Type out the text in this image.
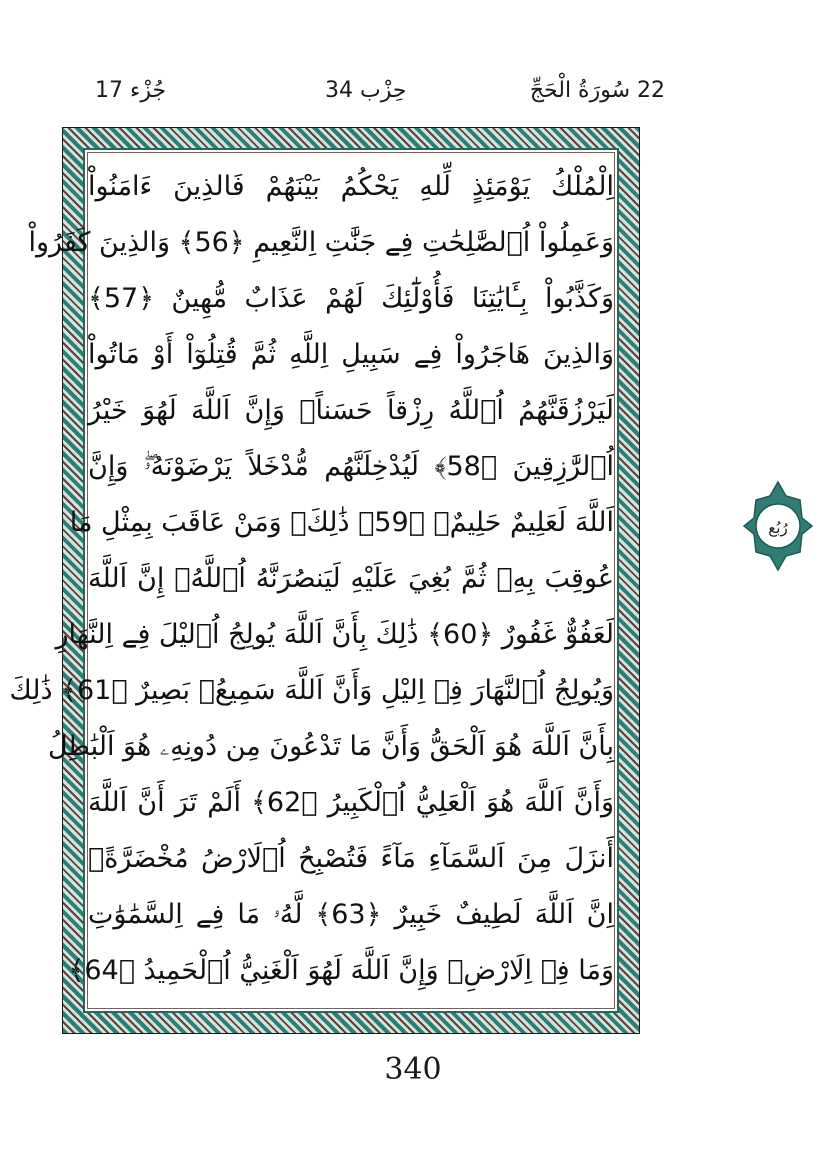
22 سُورَةُ الْحَجِّ
حِزْب 34
جُزْء 17
اِلْمُلْكُ يَوْمَئِذٍ لِّلهِ يَحْكُمُ بَيْنَهُمْ فَالذِينَ ءَامَنُواْ
وَعَمِلُواْ اُ۬لصَّٰلِحَٰتِ فِے جَنَّٰتِ اِلنَّعِيمِ ﴿56﴾ وَالذِينَ كَفَرُواْ
وَكَذَّبُواْ بِـَٔايَٰتِنَا فَأُوْلَٰٓئِكَ لَهُمْ عَذَابٌ مُّهِينٌ ﴿57﴾
وَالذِينَ هَاجَرُواْ فِے سَبِيلِ اِللَّهِ ثُمَّ قُتِلُوٓاْ أَوْ مَاتُواْ
لَيَرْزُقَنَّهُمُ اُ۬للَّهُ رِزْقاً حَسَناًۖ وَإِنَّ اَللَّهَ لَهُوَ خَيْرُ
اُ۬لرَّٰزِقِينَ ﴿58﴾ لَيُدْخِلَنَّهُم مُّدْخَلاً يَرْضَوْنَهُۥۖ وَإِنَّ
اَللَّهَ لَعَلِيمٌ حَلِيمٌۖ ﴿59﴾ ذَٰلِكَۖ وَمَنْ عَاقَبَ بِمِثْلِ مَا
عُوقِبَ بِهِۦ ثُمَّ بُغِيَ عَلَيْهِ لَيَنصُرَنَّهُ اُ۬للَّهُۖ إِنَّ اَللَّهَ
لَعَفُوٌّ غَفُورٌ ﴿60﴾ ذَٰلِكَ بِأَنَّ اَللَّهَ يُولِجُ اُ۬ليْلَ فِے اِلنَّهَارِ
وَيُولِجُ اُ۬لنَّهَارَ فِے اِليْلِ وَأَنَّ اَللَّهَ سَمِيعُۢ بَصِيرٌ ﴿61﴾ ذَٰلِكَ
بِأَنَّ اَللَّهَ هُوَ اَلْحَقُّ وَأَنَّ مَا تَدْعُونَ مِن دُونِهِۦ هُوَ اَلْبَٰطِلُ
وَأَنَّ اَللَّهَ هُوَ اَلْعَلِيُّ اُ۬لْكَبِيرُ ﴿62﴾ أَلَمْ تَرَ أَنَّ اَللَّهَ
أَنزَلَ مِنَ اَلسَّمَآءِ مَآءً فَتُصْبِحُ اُ۬لَارْضُ مُخْضَرَّةًۖ
اِنَّ اَللَّهَ لَطِيفٌ خَبِيرٌ ﴿63﴾ لَّهُۥ مَا فِے اِلسَّمَٰوَٰتِ
وَمَا فِے اِلَارْضِۖ وَإِنَّ اَللَّهَ لَهُوَ اَلْغَنِيُّ اُ۬لْحَمِيدُ ﴿64﴾
رُبُع
340
